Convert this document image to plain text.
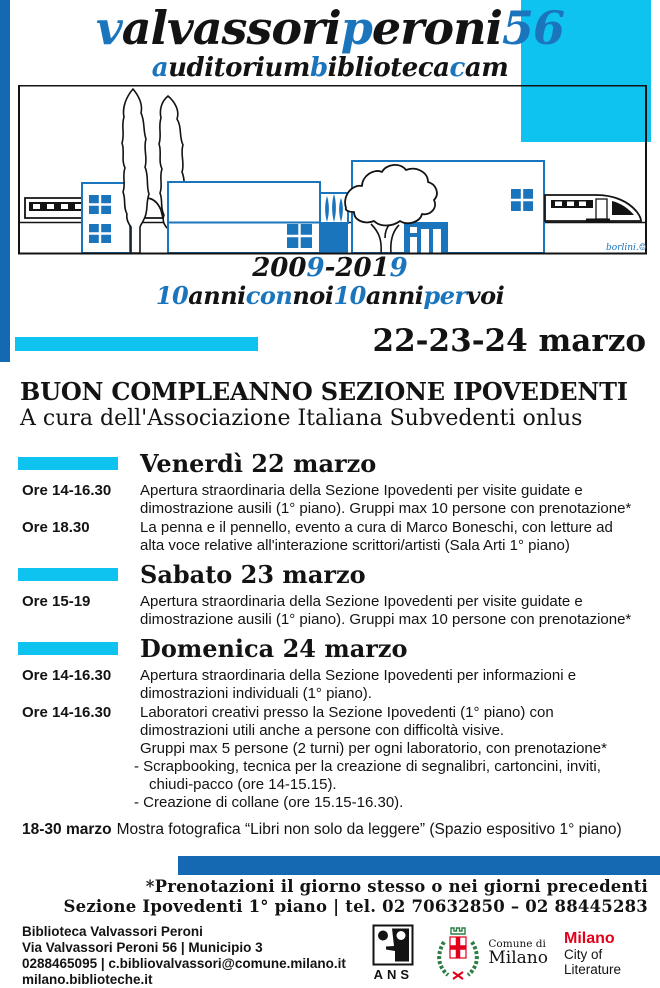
valvassoriperoni56
auditoriumbibliotecacam
borlini.☺
2009-2019
10anniconnoi10annipervoi
22-23-24 marzo
BUON COMPLEANNO SEZIONE IPOVEDENTI
A cura dell'Associazione Italiana Subvedenti onlus
Venerdì 22 marzo
Ore 14-16.30	Apertura straordinaria della Sezione Ipovedenti per visite guidate e
dimostrazione ausili (1° piano). Gruppi max 10 persone con prenotazione*
Ore 18.30	La penna e il pennello, evento a cura di Marco Boneschi, con letture ad
alta voce relative all'interazione scrittori/artisti (Sala Arti 1° piano)
Sabato 23 marzo
Ore 15-19	Apertura straordinaria della Sezione Ipovedenti per visite guidate e
dimostrazione ausili (1° piano). Gruppi max 10 persone con prenotazione*
Domenica 24 marzo
Ore 14-16.30	Apertura straordinaria della Sezione Ipovedenti per informazioni e
dimostrazioni individuali (1° piano).
Ore 14-16.30	Laboratori creativi presso la Sezione Ipovedenti (1° piano) con
dimostrazioni utili anche a persone con difficoltà visive.
Gruppi max 5 persone (2 turni) per ogni laboratorio, con prenotazione*
- Scrapbooking, tecnica per la creazione di segnalibri, cartoncini, inviti,
chiudi-pacco (ore 14-15.15).
- Creazione di collane (ore 15.15-16.30).
18-30 marzo Mostra fotografica “Libri non solo da leggere” (Spazio espositivo 1° piano)
*Prenotazioni il giorno stesso o nei giorni precedenti
Sezione Ipovedenti 1° piano | tel. 02 70632850 – 02 88445283
Biblioteca Valvassori Peroni
Via Valvassori Peroni 56 | Municipio 3
0288465095 | c.bibliovalvassori@comune.milano.it
milano.biblioteche.it	ANS
Comune di
Milano
Milano
City of
Literature
